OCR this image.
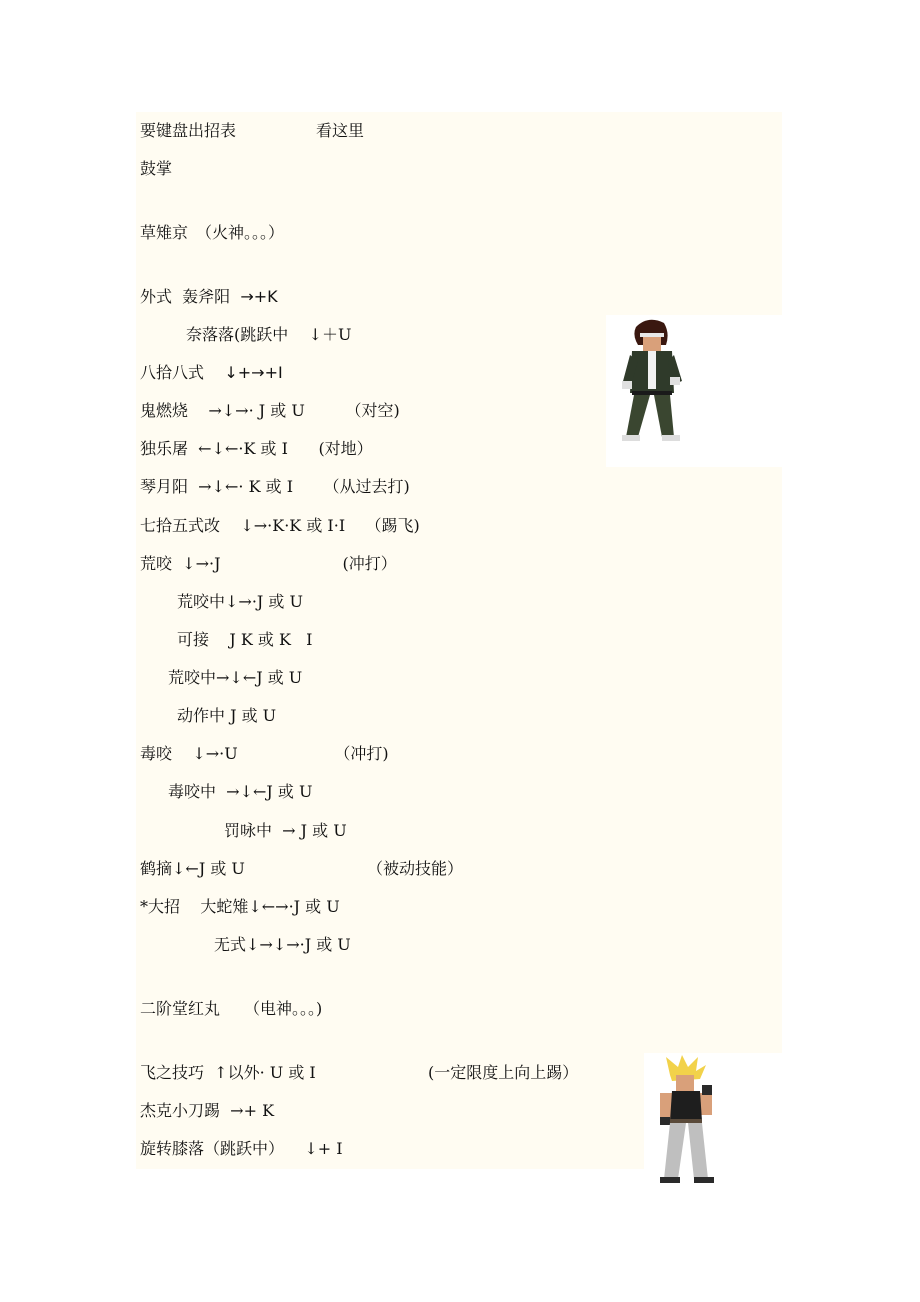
要键盘出招表	看这里
鼓掌
草雉京　（火神。。。）
外式  轰斧阳  →+K
奈落落(跳跃中    ↓＋U
八拾八式    ↓+→+I
鬼燃烧    →↓→· J 或 U        （对空)
独乐屠  ←↓←·K 或 I      (对地）
琴月阳  →↓←· K 或 I      （从过去打)
七拾五式改    ↓→·K·K 或 I·I    （踢飞)
荒咬  ↓→·J                        (冲打）
荒咬中↓→·J 或 U
可接    J K 或 K   I
荒咬中→↓←J 或 U
动作中 J 或 U
毒咬    ↓→·U                   （冲打)
毒咬中  →↓←J 或 U
罚咏中  → J 或 U
鹤摘↓←J 或 U                        （被动技能）
*大招    大蛇雉↓←→·J 或 U
无式↓→↓→·J 或 U
二阶堂红丸　　（电神。。。)
飞之技巧  ↑以外· U 或 I	(一定限度上向上踢）
杰克小刀踢  →+ K
旋转膝落（跳跃中）    ↓+ I
